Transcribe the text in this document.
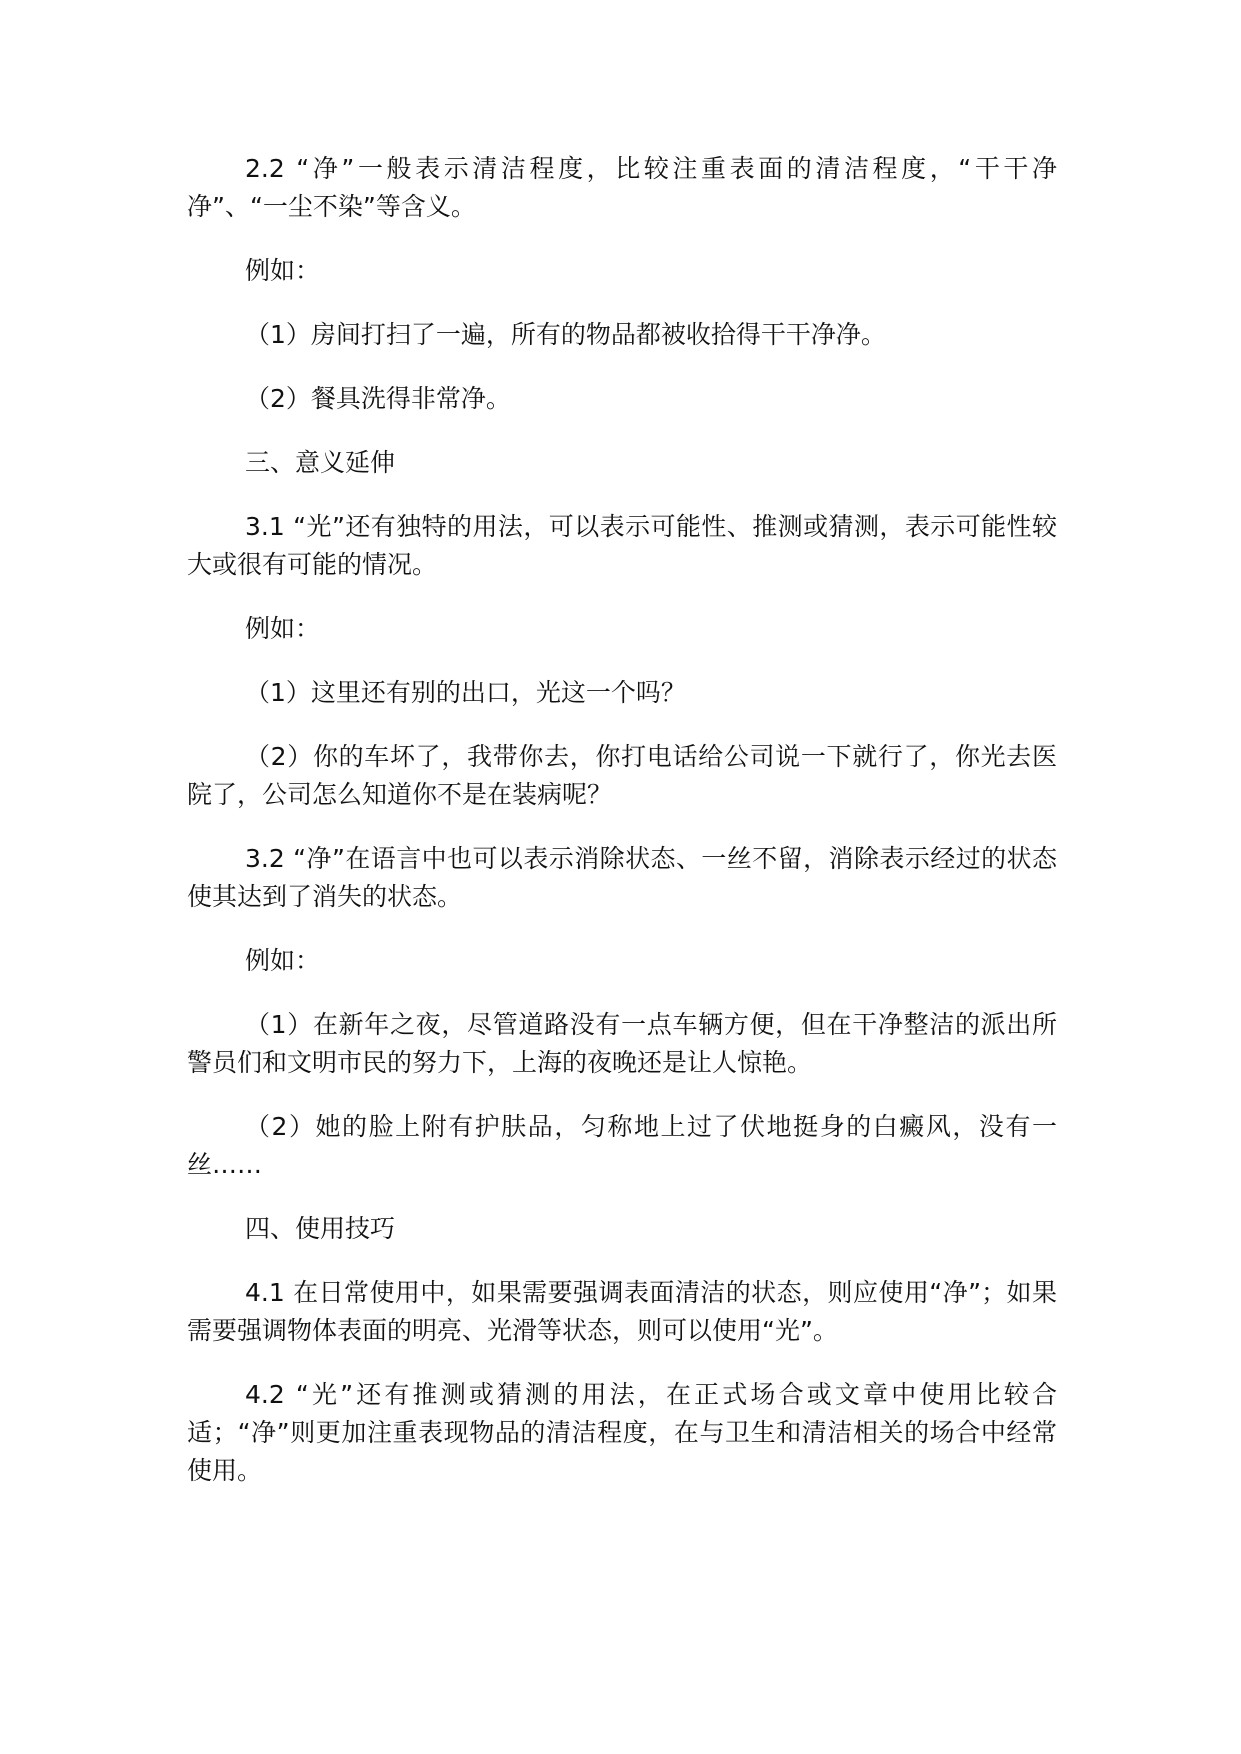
2.2 “净”一般表示清洁程度，比较注重表面的清洁程度，“干干净净”、“一尘不染”等含义。

例如：

（1）房间打扫了一遍，所有的物品都被收拾得干干净净。

（2）餐具洗得非常净。

三、意义延伸

3.1 “光”还有独特的用法，可以表示可能性、推测或猜测，表示可能性较大或很有可能的情况。

例如：

（1）这里还有别的出口，光这一个吗？

（2）你的车坏了，我带你去，你打电话给公司说一下就行了，你光去医院了，公司怎么知道你不是在装病呢？

3.2 “净”在语言中也可以表示消除状态、一丝不留，消除表示经过的状态使其达到了消失的状态。

例如：

（1）在新年之夜，尽管道路没有一点车辆方便，但在干净整洁的派出所警员们和文明市民的努力下，上海的夜晚还是让人惊艳。

（2）她的脸上附有护肤品，匀称地上过了伏地挺身的白癜风，没有一丝……

四、使用技巧

4.1 在日常使用中，如果需要强调表面清洁的状态，则应使用“净”；如果需要强调物体表面的明亮、光滑等状态，则可以使用“光”。

4.2 “光”还有推测或猜测的用法，在正式场合或文章中使用比较合适；“净”则更加注重表现物品的清洁程度，在与卫生和清洁相关的场合中经常使用。
